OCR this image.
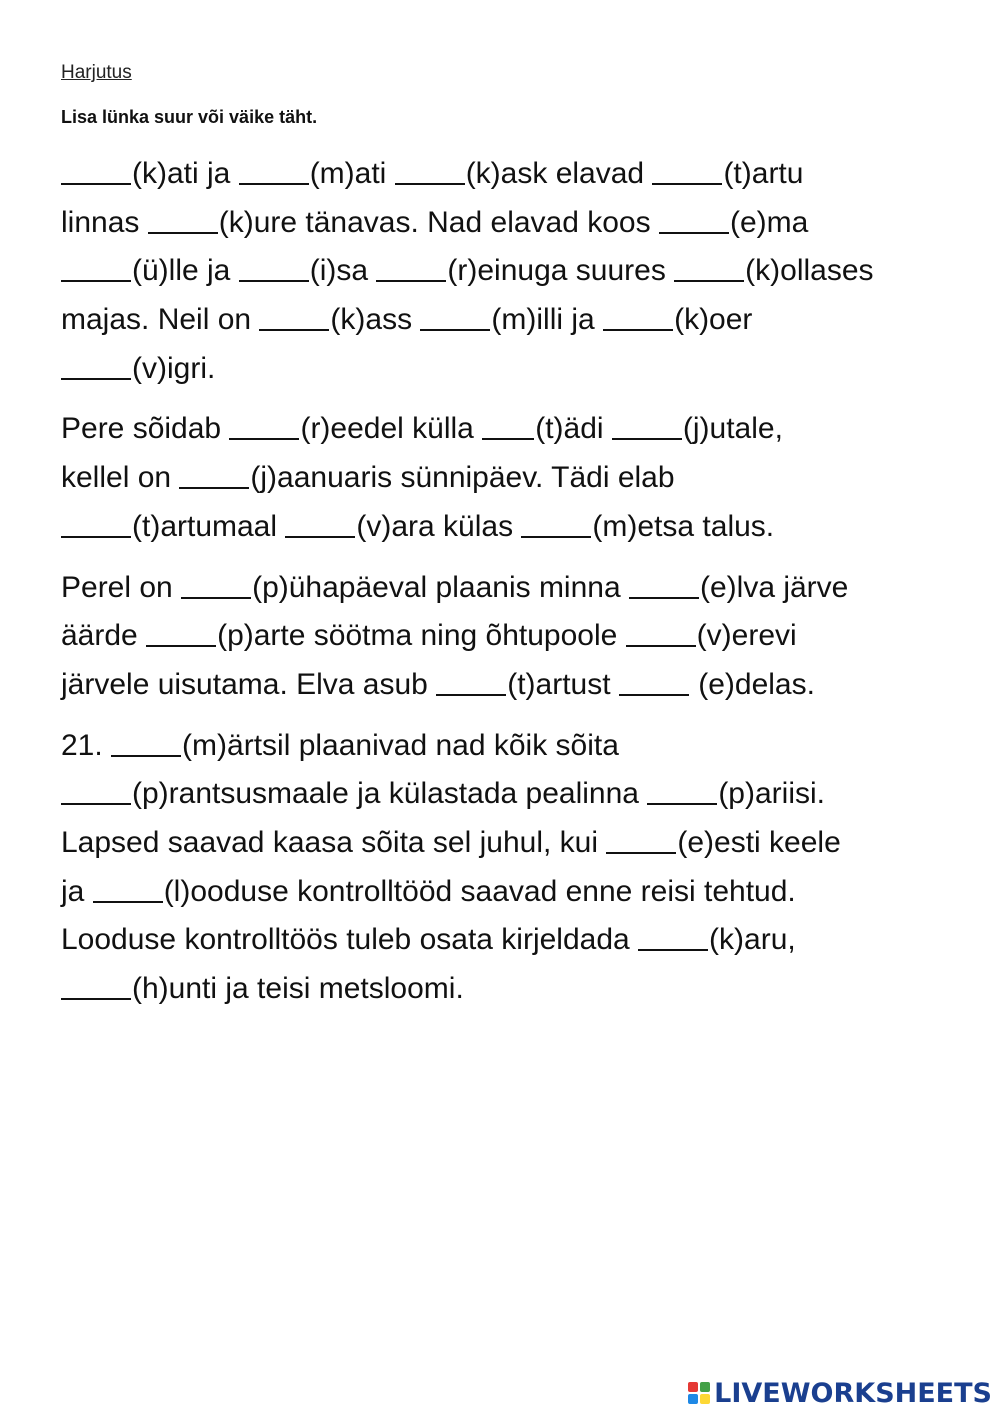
Harjutus
Lisa lünka suur või väike täht.
(k)ati ja (m)ati (k)ask elavad (t)artu
linnas (k)ure tänavas. Nad elavad koos (e)ma
(ü)lle ja (i)sa (r)einuga suures (k)ollases
majas. Neil on (k)ass (m)illi ja (k)oer
(v)igri.
Pere sõidab (r)eedel külla (t)ädi (j)utale,
kellel on (j)aanuaris sünnipäev. Tädi elab
(t)artumaal (v)ara külas (m)etsa talus.
Perel on (p)ühapäeval plaanis minna (e)lva järve
äärde (p)arte söötma ning õhtupoole (v)erevi
järvele uisutama. Elva asub (t)artust  (e)delas.
21. (m)ärtsil plaanivad nad kõik sõita
(p)rantsusmaale ja külastada pealinna (p)ariisi.
Lapsed saavad kaasa sõita sel juhul, kui (e)esti keele
ja (l)ooduse kontrolltööd saavad enne reisi tehtud.
Looduse kontrolltöös tuleb osata kirjeldada (k)aru,
(h)unti ja teisi metsloomi.
LIVEWORKSHEETS
